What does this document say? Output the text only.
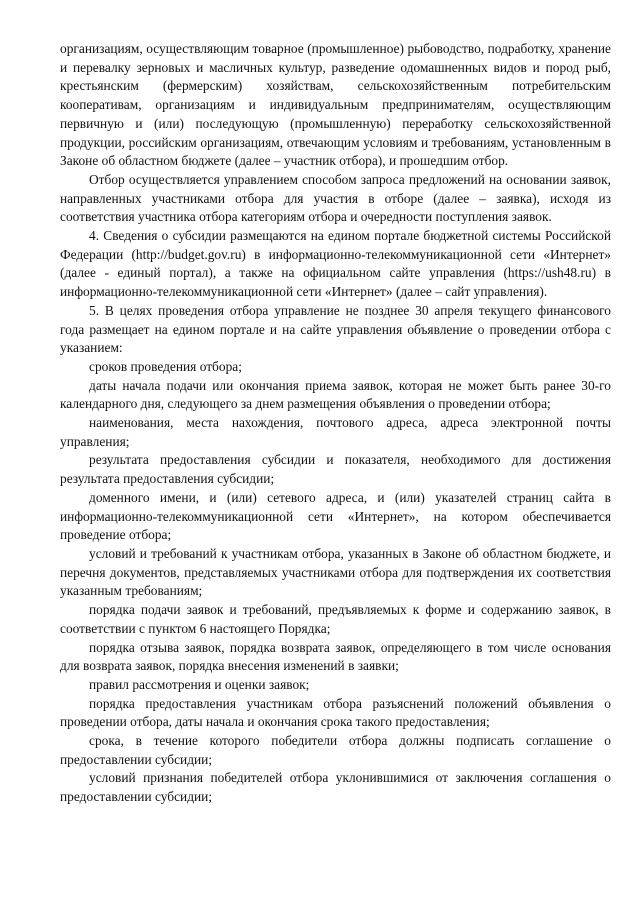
организациям, осуществляющим товарное (промышленное) рыбоводство, подработку, хранение и перевалку зерновых и масличных культур, разведение одомашненных видов и пород рыб, крестьянским (фермерским) хозяйствам, сельскохозяйственным потребительским кооперативам, организациям и индивидуальным предпринимателям, осуществляющим первичную и (или) последующую (промышленную) переработку сельскохозяйственной продукции, российским организациям, отвечающим условиям и требованиям, установленным в Законе об областном бюджете (далее – участник отбора), и прошедшим отбор.

Отбор осуществляется управлением способом запроса предложений на основании заявок, направленных участниками отбора для участия в отборе (далее – заявка), исходя из соответствия участника отбора категориям отбора и очередности поступления заявок.

4. Сведения о субсидии размещаются на едином портале бюджетной системы Российской Федерации (http://budget.gov.ru) в информационно-телекоммуникационной сети «Интернет» (далее - единый портал), а также на официальном сайте управления (https://ush48.ru) в информационно-телекоммуникационной сети «Интернет» (далее – сайт управления).

5. В целях проведения отбора управление не позднее 30 апреля текущего финансового года размещает на едином портале и на сайте управления объявление о проведении отбора с указанием:

сроков проведения отбора;

даты начала подачи или окончания приема заявок, которая не может быть ранее 30-го календарного дня, следующего за днем размещения объявления о проведении отбора;

наименования, места нахождения, почтового адреса, адреса электронной почты управления;

результата предоставления субсидии и показателя, необходимого для достижения результата предоставления субсидии;

доменного имени, и (или) сетевого адреса, и (или) указателей страниц сайта в информационно-телекоммуникационной сети «Интернет», на котором обеспечивается проведение отбора;

условий и требований к участникам отбора, указанных в Законе об областном бюджете, и перечня документов, представляемых участниками отбора для подтверждения их соответствия указанным требованиям;

порядка подачи заявок и требований, предъявляемых к форме и содержанию заявок, в соответствии с пунктом 6 настоящего Порядка;

порядка отзыва заявок, порядка возврата заявок, определяющего в том числе основания для возврата заявок, порядка внесения изменений в заявки;

правил рассмотрения и оценки заявок;

порядка предоставления участникам отбора разъяснений положений объявления о проведении отбора, даты начала и окончания срока такого предоставления;

срока, в течение которого победители отбора должны подписать соглашение о предоставлении субсидии;

условий признания победителей отбора уклонившимися от заключения соглашения о предоставлении субсидии;
